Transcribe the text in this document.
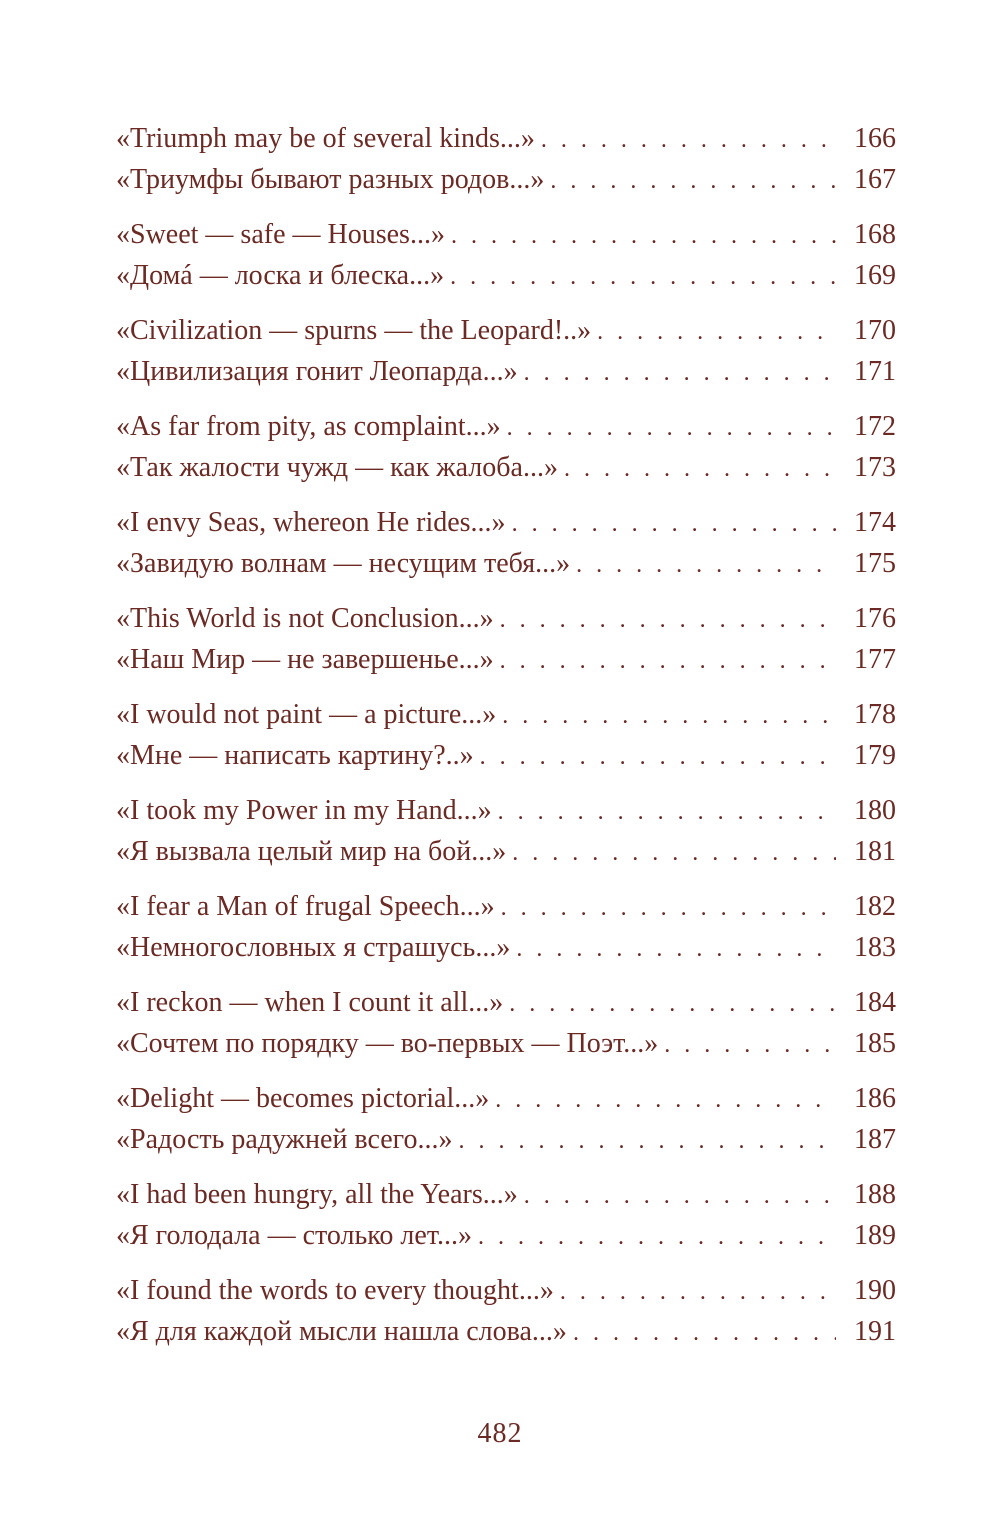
«Triumph may be of several kinds...» . . .	166
«Триумфы бывают разных родов...» . . .	167
«Sweet — safe — Houses...» . . .	168
«Домá — лоска и блеска...» . . .	169
«Civilization — spurns — the Leopard!..» . . .	170
«Цивилизация гонит Леопарда...» . . .	171
«As far from pity, as complaint...» . . .	172
«Так жалости чужд — как жалоба...» . . .	173
«I envy Seas, whereon He rides...» . . .	174
«Завидую волнам — несущим тебя...» . . .	175
«This World is not Conclusion...» . . .	176
«Наш Мир — не завершенье...» . . .	177
«I would not paint — a picture...» . . .	178
«Мне — написать картину?..» . . .	179
«I took my Power in my Hand...» . . .	180
«Я вызвала целый мир на бой...» . . .	181
«I fear a Man of frugal Speech...» . . .	182
«Немногословных я страшусь...» . . .	183
«I reckon — when I count it all...» . . .	184
«Сочтем по порядку — во-первых — Поэт...» . . .	185
«Delight — becomes pictorial...» . . .	186
«Радость радужней всего...» . . .	187
«I had been hungry, all the Years...» . . .	188
«Я голодала — столько лет...» . . .	189
«I found the words to every thought...» . . .	190
«Я для каждой мысли нашла слова...» . . .	191
482
